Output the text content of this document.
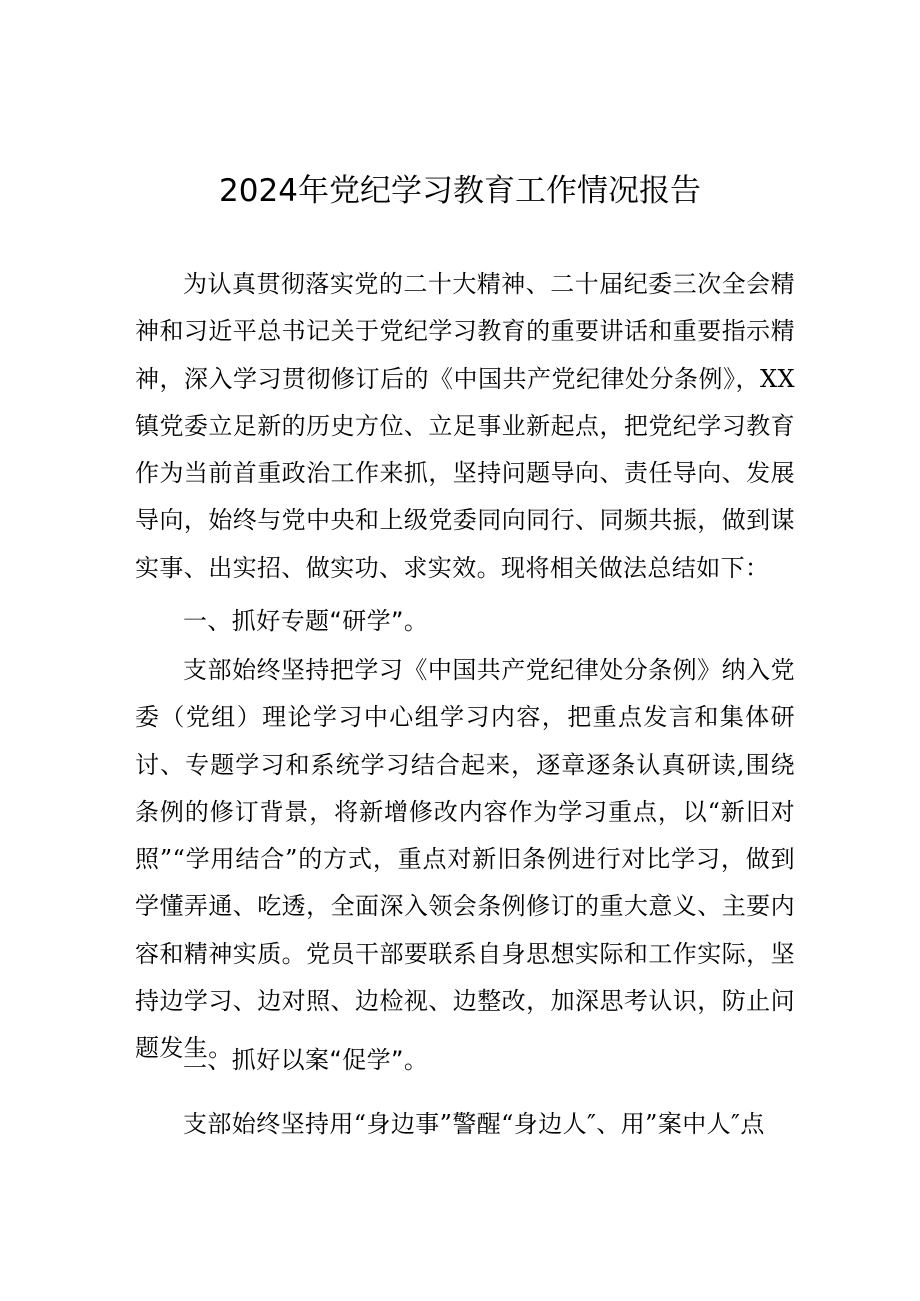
2024年党纪学习教育工作情况报告

为认真贯彻落实党的二十大精神、二十届纪委三次全会精神和习近平总书记关于党纪学习教育的重要讲话和重要指示精神，深入学习贯彻修订后的《中国共产党纪律处分条例》，XX镇党委立足新的历史方位、立足事业新起点，把党纪学习教育作为当前首重政治工作来抓，坚持问题导向、责任导向、发展导向，始终与党中央和上级党委同向同行、同频共振，做到谋实事、出实招、做实功、求实效。现将相关做法总结如下：

一、抓好专题“研学”。

支部始终坚持把学习《中国共产党纪律处分条例》纳入党委（党组）理论学习中心组学习内容，把重点发言和集体研讨、专题学习和系统学习结合起来，逐章逐条认真研读,围绕条例的修订背景，将新增修改内容作为学习重点，以“新旧对照”“学用结合”的方式，重点对新旧条例进行对比学习，做到学懂弄通、吃透，全面深入领会条例修订的重大意义、主要内容和精神实质。党员干部要联系自身思想实际和工作实际，坚持边学习、边对照、边检视、边整改，加深思考认识，防止问题发生。

二、抓好以案“促学”。

支部始终坚持用“身边事”警醒“身边人″、用”案中人″点
